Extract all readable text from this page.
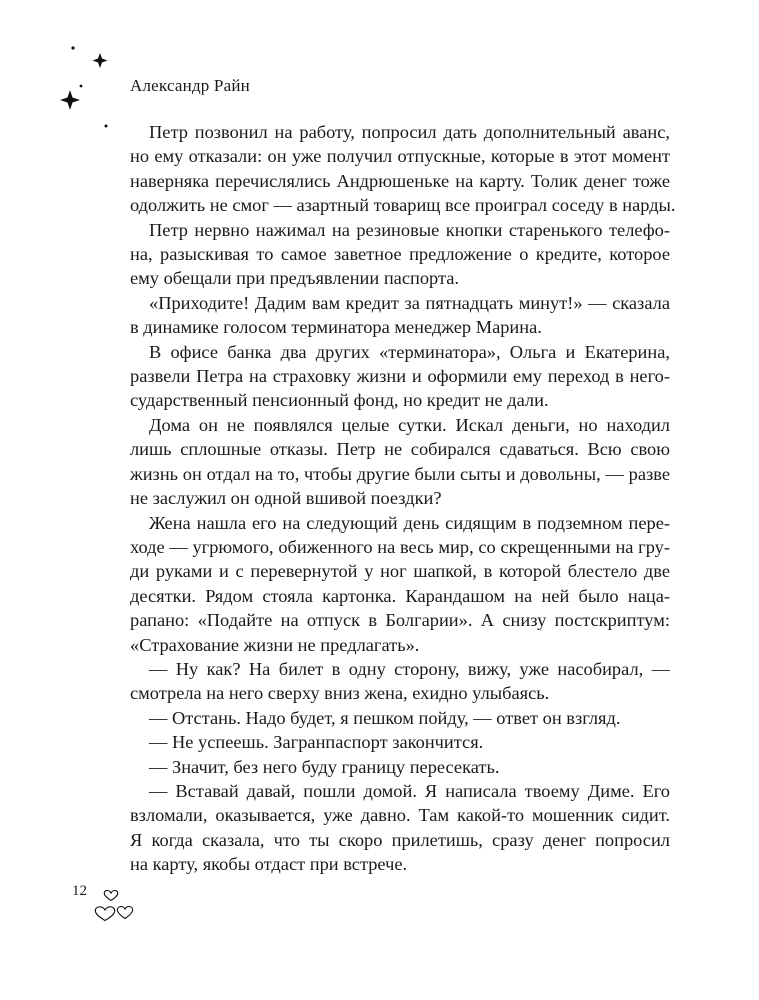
Александр Райн
Петр позвонил на работу, попросил дать дополнительный аванс,
но ему отказали: он уже получил отпускные, которые в этот момент
наверняка перечислялись Андрюшеньке на карту. Толик денег тоже
одолжить не смог — азартный товарищ все проиграл соседу в нарды.
Петр нервно нажимал на резиновые кнопки старенького телефо-
на, разыскивая то самое заветное предложение о кредите, которое
ему обещали при предъявлении паспорта.
«Приходите! Дадим вам кредит за пятнадцать минут!» — сказала
в динамике голосом терминатора менеджер Марина.
В офисе банка два других «терминатора», Ольга и Екатерина,
развели Петра на страховку жизни и оформили ему переход в него-
сударственный пенсионный фонд, но кредит не дали.
Дома он не появлялся целые сутки. Искал деньги, но находил
лишь сплошные отказы. Петр не собирался сдаваться. Всю свою
жизнь он отдал на то, чтобы другие были сыты и довольны, — разве
не заслужил он одной вшивой поездки?
Жена нашла его на следующий день сидящим в подземном пере-
ходе — угрюмого, обиженного на весь мир, со скрещенными на гру-
ди руками и с перевернутой у ног шапкой, в которой блестело две
десятки. Рядом стояла картонка. Карандашом на ней было наца-
рапано: «Подайте на отпуск в Болгарии». А снизу постскриптум:
«Страхование жизни не предлагать».
— Ну как? На билет в одну сторону, вижу, уже насобирал, —
смотрела на него сверху вниз жена, ехидно улыбаясь.
— Отстань. Надо будет, я пешком пойду, — ответ он взгляд.
— Не успеешь. Загранпаспорт закончится.
— Значит, без него буду границу пересекать.
— Вставай давай, пошли домой. Я написала твоему Диме. Его
взломали, оказывается, уже давно. Там какой-то мошенник сидит.
Я когда сказала, что ты скоро прилетишь, сразу денег попросил
на карту, якобы отдаст при встрече.
12
